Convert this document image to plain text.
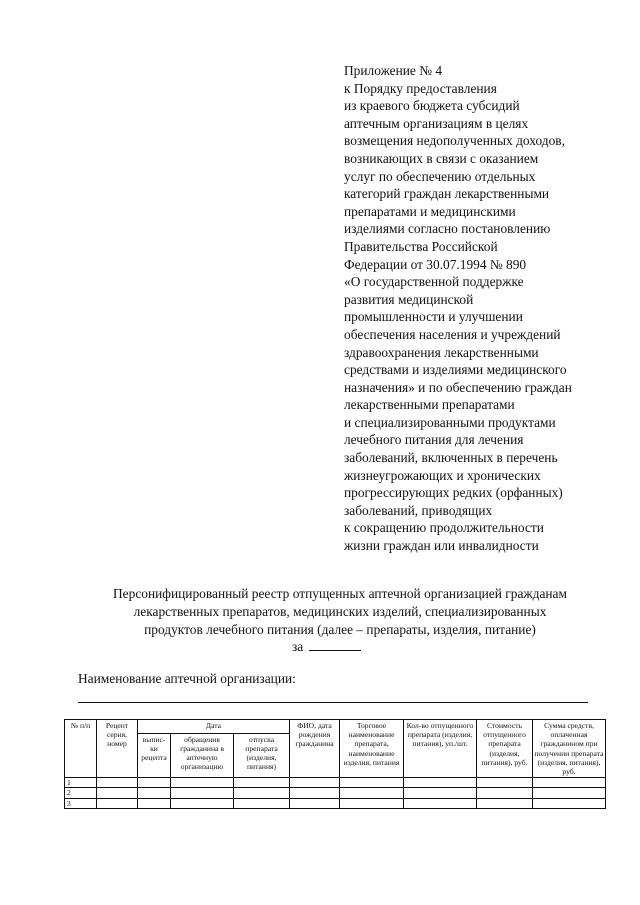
Приложение № 4
к Порядку предоставления
из краевого бюджета субсидий
аптечным организациям в целях
возмещения недополученных доходов,
возникающих в связи с оказанием
услуг по обеспечению отдельных
категорий граждан лекарственными
препаратами и медицинскими
изделиями согласно постановлению
Правительства Российской
Федерации от 30.07.1994 № 890
«О государственной поддержке
развития медицинской
промышленности и улучшении
обеспечения населения и учреждений
здравоохранения лекарственными
средствами и изделиями медицинского
назначения» и по обеспечению граждан
лекарственными препаратами
и специализированными продуктами
лечебного питания для лечения
заболеваний, включенных в перечень
жизнеугрожающих и хронических
прогрессирующих редких (орфанных)
заболеваний, приводящих
к сокращению продолжительности
жизни граждан или инвалидности
Персонифицированный реестр отпущенных аптечной организацией гражданам
лекарственных препаратов, медицинских изделий, специализированных
продуктов лечебного питания (далее – препараты, изделия, питание)
за
Наименование аптечной организации:
№ п/п	Рецепт серия, номер	Дата			ФИО, дата рождения гражданина	Торговое наименование препарата, наименование изделия, питания	Кол-во отпущенного препарата (изделия, питания), уп./шт.	Стоимость отпущенного препарата (изделия, питания), руб.	Сумма средств, оплаченная гражданином при получении препарата (изделия, питания), руб.
		выпис-ки рецепта	обращения гражданина в аптечную организацию	отпуска препарата (изделия, питания)					
1									
2									
3									
